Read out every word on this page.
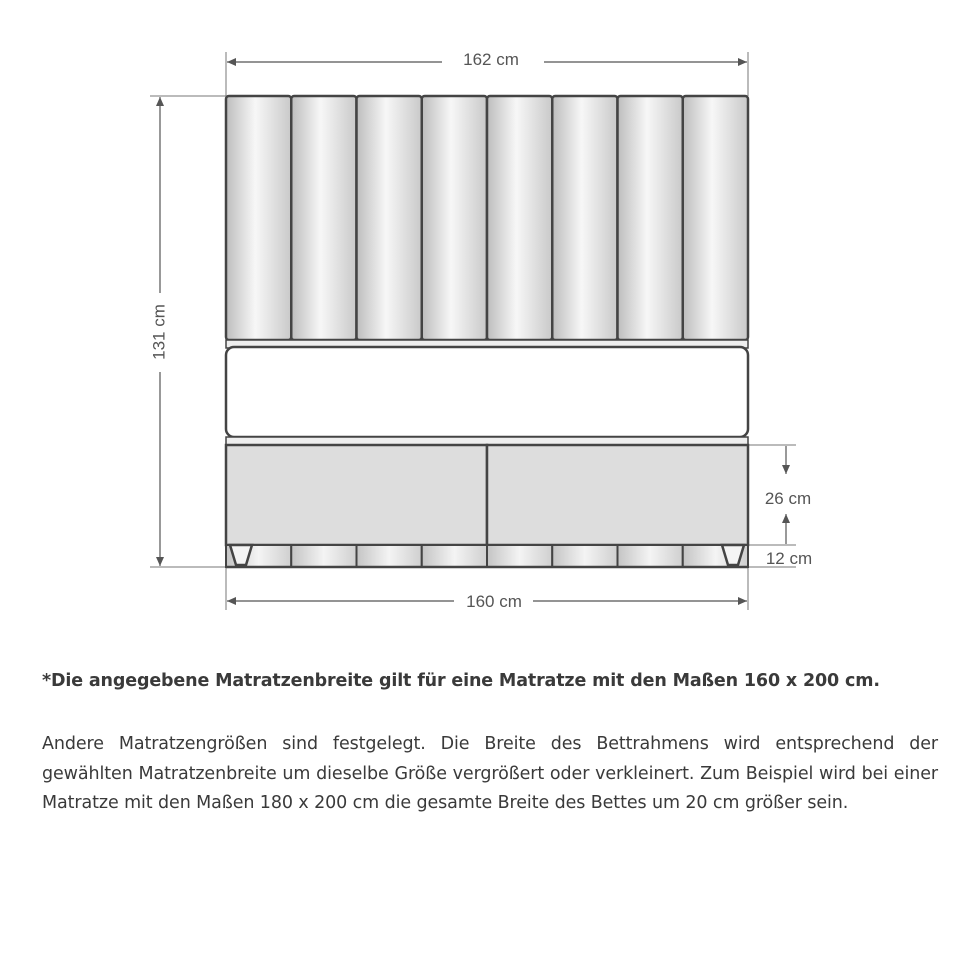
162 cm
131 cm
26 cm
12 cm
160 cm

*Die angegebene Matratzenbreite gilt für eine Matratze mit den Maßen 160 x 200 cm.

Andere Matratzengrößen sind festgelegt. Die Breite des Bettrahmens wird entsprechend der gewählten Matratzenbreite um dieselbe Größe vergrößert oder verkleinert. Zum Beispiel wird bei einer Matratze mit den Maßen 180 x 200 cm die gesamte Breite des Bettes um 20 cm größer sein.
